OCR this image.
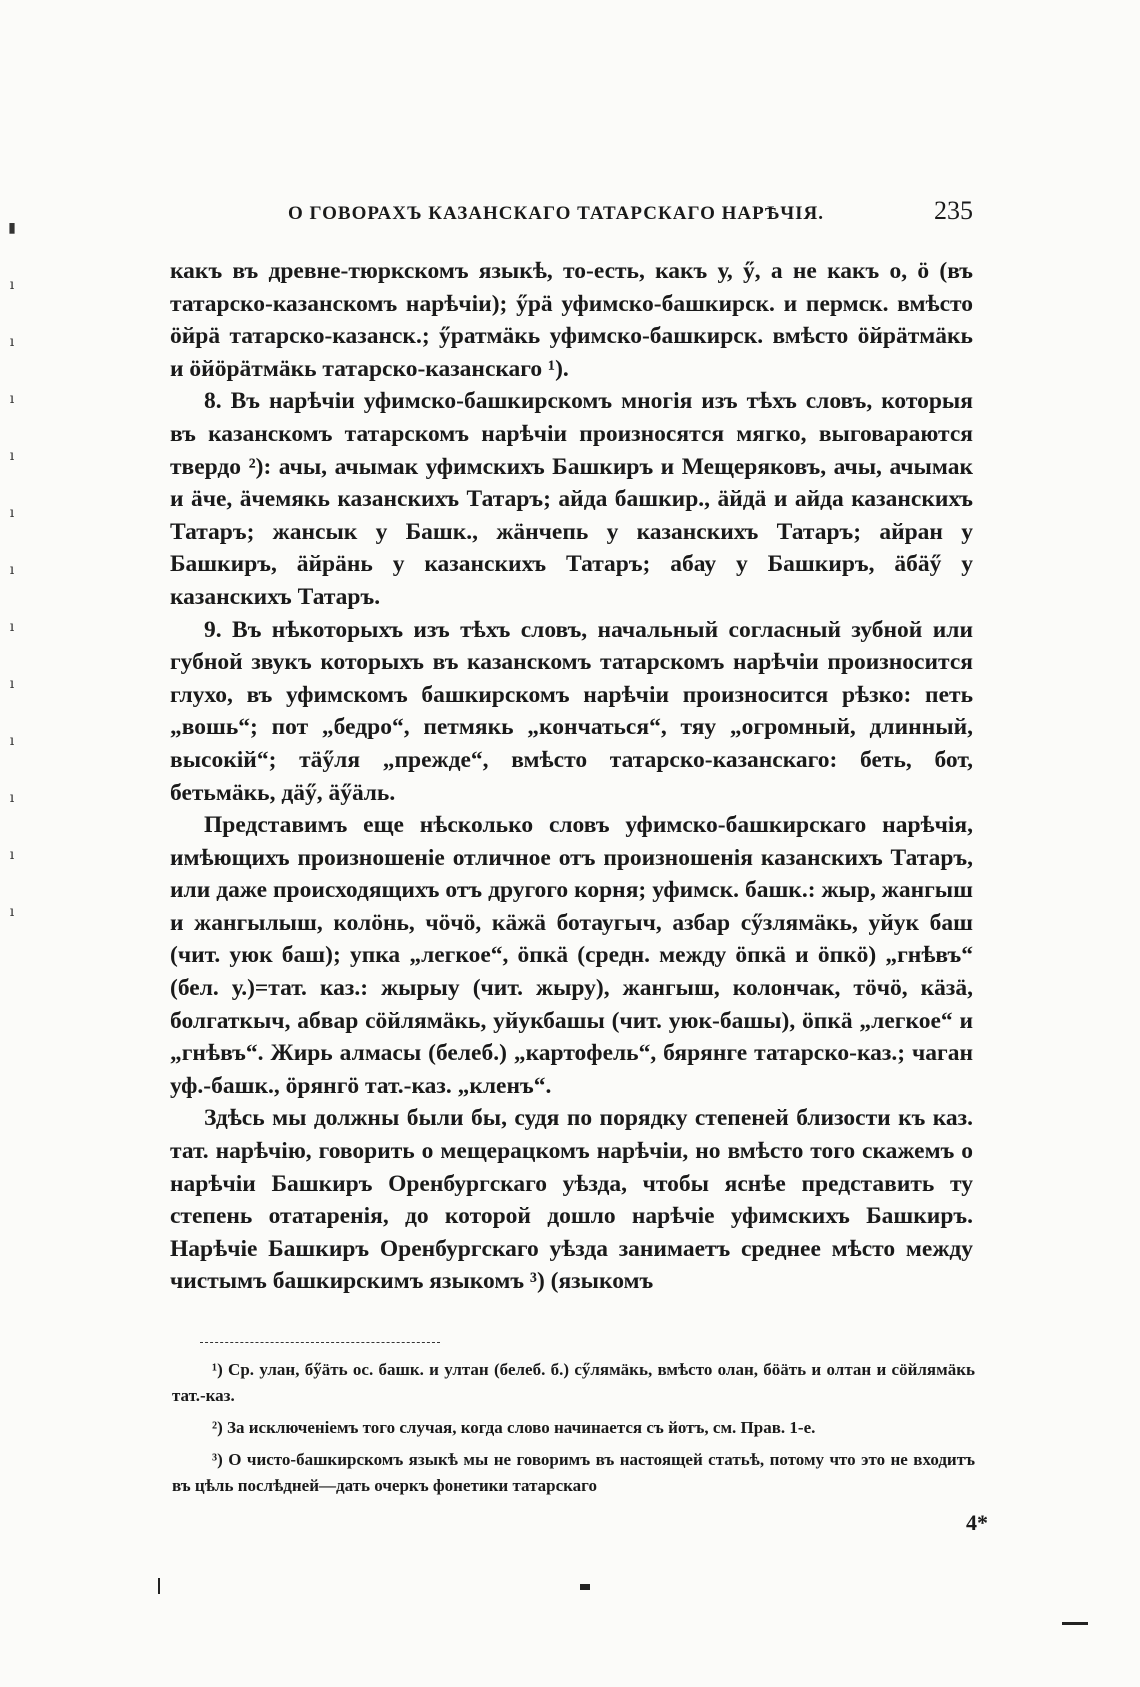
О ГОВОРАХЪ КАЗАНСКАГО ТАТАРСКАГО НАРѢЧІЯ.	235
▮
ı
ı
ı
ı
ı
ı
ı
ı
ı
ı
ı
ı

какъ въ древне-тюркскомъ языкѣ, то-есть, какъ у, ӳ, а не какъ о, ӧ (въ татарско-казанскомъ нарѣчіи); ӳрä уфимско-башкирск. и пермск. вмѣсто öйрä татарско-казанск.; ӳратмäкь уфимско-башкирск. вмѣсто öйрäтмäкь и öйöрäтмäкь татарско-казанскаго ¹).

8. Въ нарѣчіи уфимско-башкирскомъ многія изъ тѣхъ словъ, которыя въ казанскомъ татарскомъ нарѣчіи произносятся мягко, выговараются твердо ²): ачы, ачымак уфимскихъ Башкиръ и Мещеряковъ, ачы, ачымак и äче, äчемякь казанскихъ Татаръ; айда башкир., äйдä и айда казанскихъ Татаръ; жансык у Башк., жäнчепь у казанскихъ Татаръ; айран у Башкиръ, äйрäнь у казанскихъ Татаръ; абау у Башкиръ, äбäӳ у казанскихъ Татаръ.

9. Въ нѣкоторыхъ изъ тѣхъ словъ, начальный согласный зубной или губной звукъ которыхъ въ казанскомъ татарскомъ нарѣчіи произносится глухо, въ уфимскомъ башкирскомъ нарѣчіи произносится рѣзко: петь „вошь“; пот „бедро“, петмякь „кончаться“, тяу „огромный, длинный, высокій“; тäӳля „прежде“, вмѣсто татарско-казанскаго: беть, бот, бетьмäкь, дäӳ, äӳäль.

Представимъ еще нѣсколько словъ уфимско-башкирскаго нарѣчія, имѣющихъ произношеніе отличное отъ произношенія казанскихъ Татаръ, или даже происходящихъ отъ другого корня; уфимск. башк.: жыр, жангыш и жангылыш, колöнь, чöчö, кäжä ботаугыч, азбар сӳзлямäкь, уйук баш (чит. уюк баш); упка „легкое“, öпкä (средн. между öпкä и öпкö) „гнѣвъ“ (бел. у.)=тат. каз.: жырыу (чит. жыру), жангыш, колончак, тöчö, кäзä, болгаткыч, абвар сöйлямäкь, уйукбашы (чит. уюк-башы), öпкä „легкое“ и „гнѣвъ“. Жирь алмасы (белеб.) „картофель“, бярянге татарско-каз.; чаган уф.-башк., öрянгö тат.-каз. „кленъ“.

Здѣсь мы должны были бы, судя по порядку степеней близости къ каз. тат. нарѣчію, говорить о мещерацкомъ нарѣчіи, но вмѣсто того скажемъ о нарѣчіи Башкиръ Оренбургскаго уѣзда, чтобы яснѣе представить ту степень отатаренія, до которой дошло нарѣчіе уфимскихъ Башкиръ. Нарѣчіе Башкиръ Оренбургскаго уѣзда занимаетъ среднее мѣсто между чистымъ башкирскимъ языкомъ ³) (языкомъ

¹) Ср. улан, бӳäть ос. башк. и ултан (белеб. б.) сӳлямäкь, вмѣсто олан, бöäть и олтан и сöйлямäкь тат.-каз.

²) За исключеніемъ того случая, когда слово начинается съ йотъ, см. Прав. 1-е.

³) О чисто-башкирскомъ языкѣ мы не говоримъ въ настоящей статьѣ, потому что это не входитъ въ цѣль послѣдней—дать очеркъ фонетики татарскаго

4*
